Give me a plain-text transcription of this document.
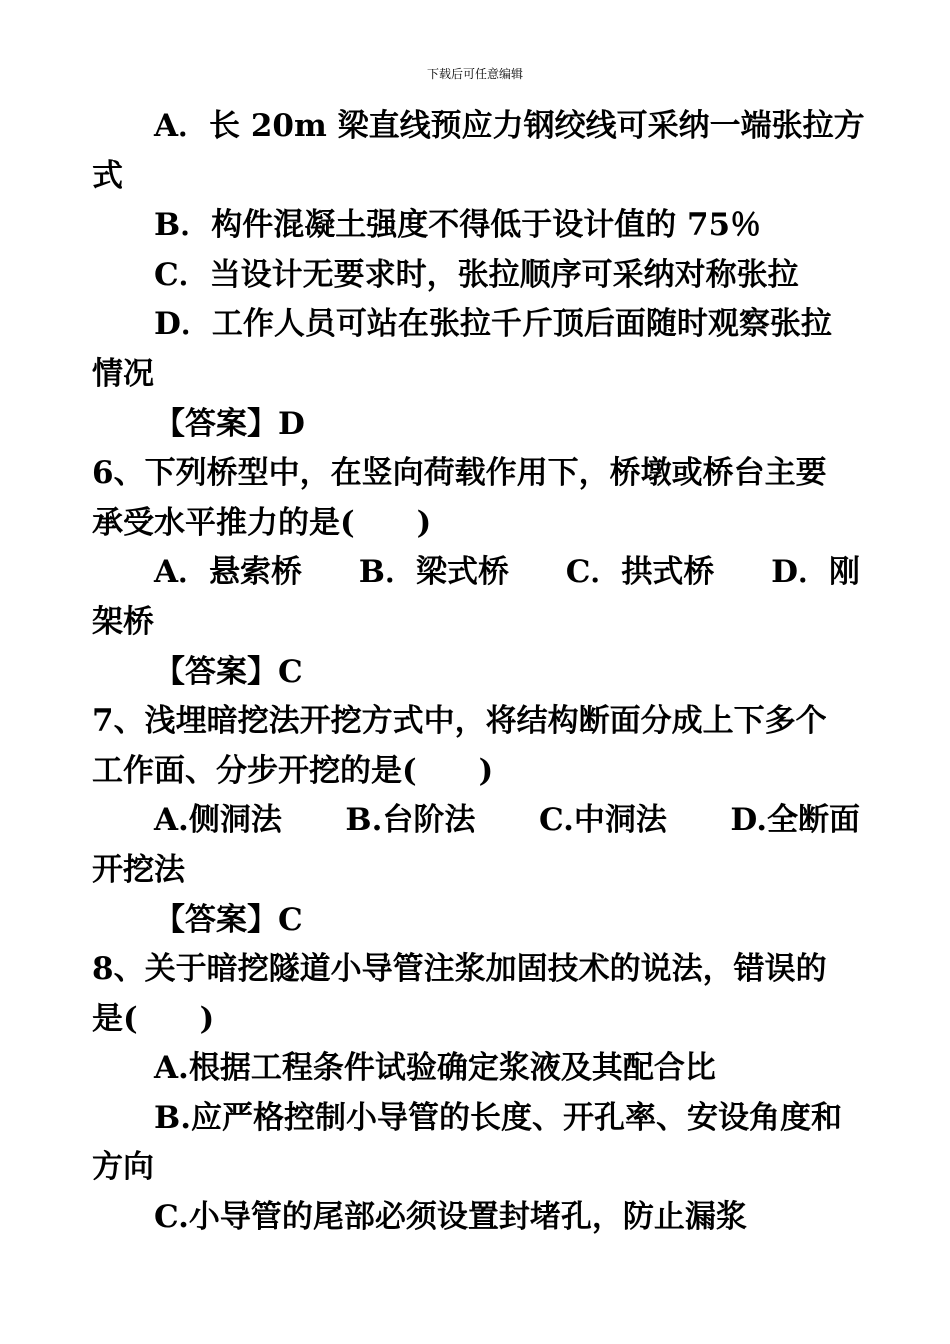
下载后可任意编辑
A．长 20m 梁直线预应力钢绞线可采纳一端张拉方
式
B．构件混凝土强度不得低于设计值的 75％
C．当设计无要求时，张拉顺序可采纳对称张拉
D．工作人员可站在张拉千斤顶后面随时观察张拉
情况
【答案】D
6、下列桥型中，在竖向荷载作用下，桥墩或桥台主要
承受水平推力的是(　　)
A．悬索桥 B．梁式桥 C．拱式桥 D．刚
架桥
【答案】C
7、浅埋暗挖法开挖方式中，将结构断面分成上下多个
工作面、分步开挖的是(　　)
A.侧洞法 B.台阶法 C.中洞法 D.全断面
开挖法
【答案】C
8、关于暗挖隧道小导管注浆加固技术的说法，错误的
是(　　)
A.根据工程条件试验确定浆液及其配合比
B.应严格控制小导管的长度、开孔率、安设角度和
方向
C.小导管的尾部必须设置封堵孔，防止漏浆
